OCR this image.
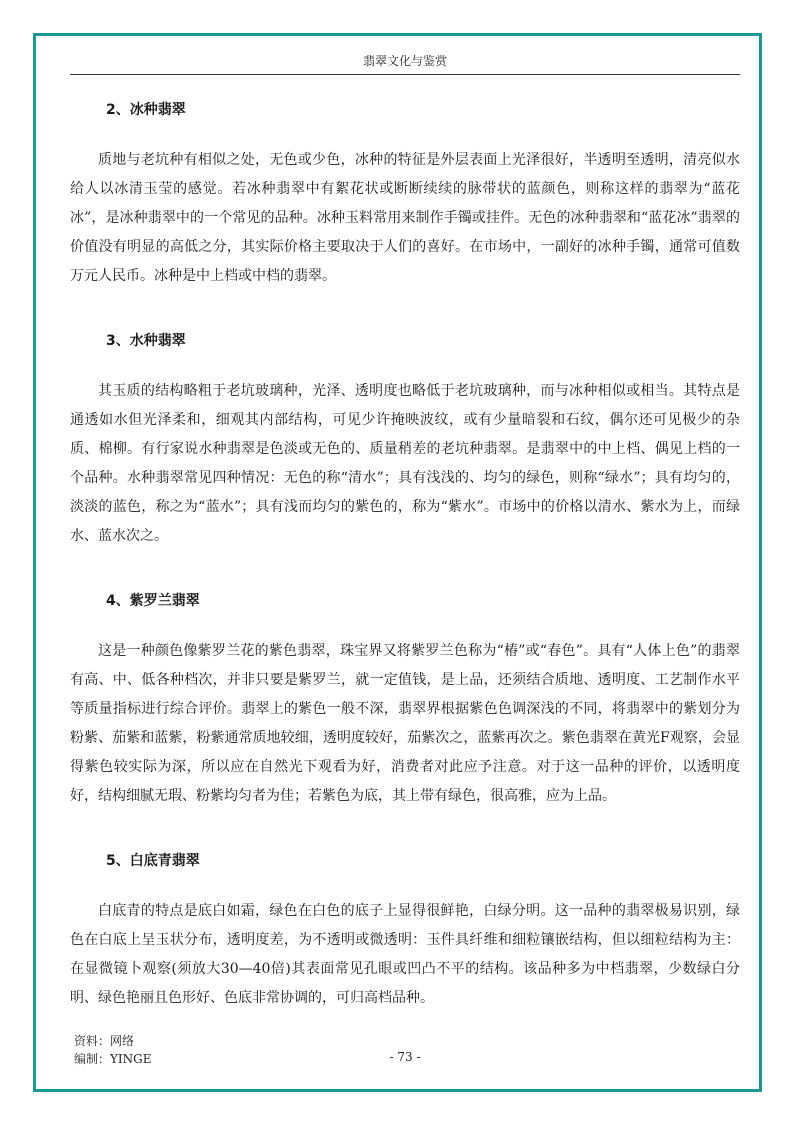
翡翠文化与鉴赏
2、冰种翡翠

质地与老坑种有相似之处，无色或少色，冰种的特征是外层表面上光泽很好，半透明至透明，清亮似水给人以冰清玉莹的感觉。若冰种翡翠中有絮花状或断断续续的脉带状的蓝颜色，则称这样的翡翠为“蓝花冰”，是冰种翡翠中的一个常见的品种。冰种玉料常用来制作手镯或挂件。无色的冰种翡翠和“蓝花冰”翡翠的价值没有明显的高低之分，其实际价格主要取决于人们的喜好。在市场中，一副好的冰种手镯，通常可值数万元人民币。冰种是中上档或中档的翡翠。

3、水种翡翠

其玉质的结构略粗于老坑玻璃种，光泽、透明度也略低于老坑玻璃种，而与冰种相似或相当。其特点是通透如水但光泽柔和，细观其内部结构，可见少许掩映波纹，或有少量暗裂和石纹，偶尔还可见极少的杂质、棉柳。有行家说水种翡翠是色淡或无色的、质量稍差的老坑种翡翠。是翡翠中的中上档、偶见上档的一个品种。水种翡翠常见四种情况：无色的称“清水”；具有浅浅的、均匀的绿色，则称“绿水”；具有均匀的，淡淡的蓝色，称之为“蓝水”；具有浅而均匀的紫色的，称为“紫水”。市场中的价格以清水、紫水为上，而绿水、蓝水次之。

4、紫罗兰翡翠

这是一种颜色像紫罗兰花的紫色翡翠，珠宝界又将紫罗兰色称为“椿”或“春色”。具有“人体上色”的翡翠有高、中、低各种档次，并非只要是紫罗兰，就一定值钱，是上品，还须结合质地、透明度、工艺制作水平等质量指标进行综合评价。翡翠上的紫色一般不深，翡翠界根据紫色色调深浅的不同，将翡翠中的紫划分为粉紫、茄紫和蓝紫，粉紫通常质地较细，透明度较好，茄紫次之，蓝紫再次之。紫色翡翠在黄光F观察，会显得紫色较实际为深，所以应在自然光下观看为好，消费者对此应予注意。对于这一品种的评价，以透明度好，结构细腻无瑕、粉紫均匀者为佳；若紫色为底，其上带有绿色，很高雅，应为上品。

5、白底青翡翠

白底青的特点是底白如霜，绿色在白色的底子上显得很鲜艳，白绿分明。这一品种的翡翠极易识别，绿色在白底上呈玉状分布，透明度差，为不透明或微透明：玉件具纤维和细粒镶嵌结构，但以细粒结构为主：在显微镜卜观察(须放大30—40倍)其表面常见孔眼或凹凸不平的结构。该品种多为中档翡翠，少数绿白分明、绿色艳丽且色形好、色底非常协调的，可归高档品种。

资料：网络
编制：YINGE	- 73 -
